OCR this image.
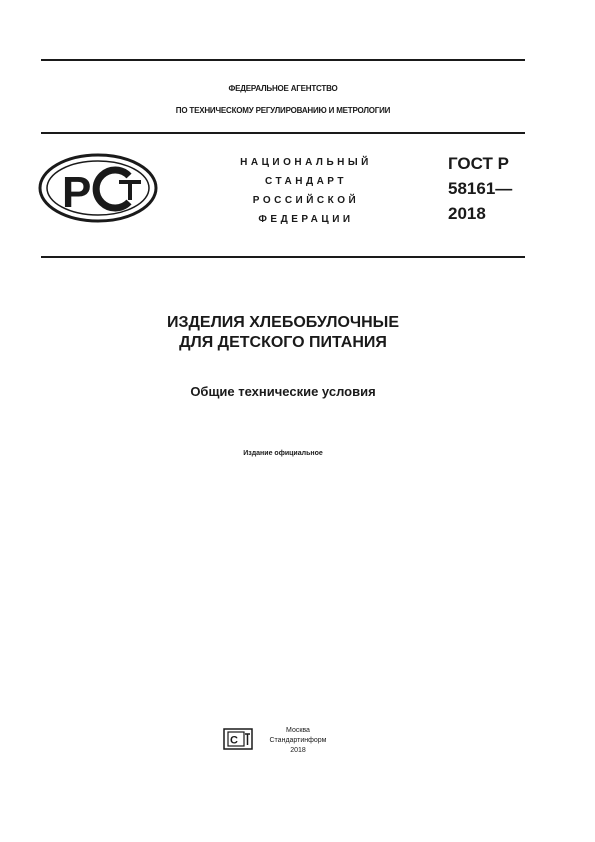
ФЕДЕРАЛЬНОЕ АГЕНТСТВО
ПО ТЕХНИЧЕСКОМУ РЕГУЛИРОВАНИЮ И МЕТРОЛОГИИ
Р
НАЦИОНАЛЬНЫЙ
СТАНДАРТ
РОССИЙСКОЙ
ФЕДЕРАЦИИ
ГОСТ Р
58161—
2018
ИЗДЕЛИЯ ХЛЕБОБУЛОЧНЫЕ
ДЛЯ ДЕТСКОГО ПИТАНИЯ
Общие технические условия
Издание официальное
С
Москва
Стандартинформ
2018
